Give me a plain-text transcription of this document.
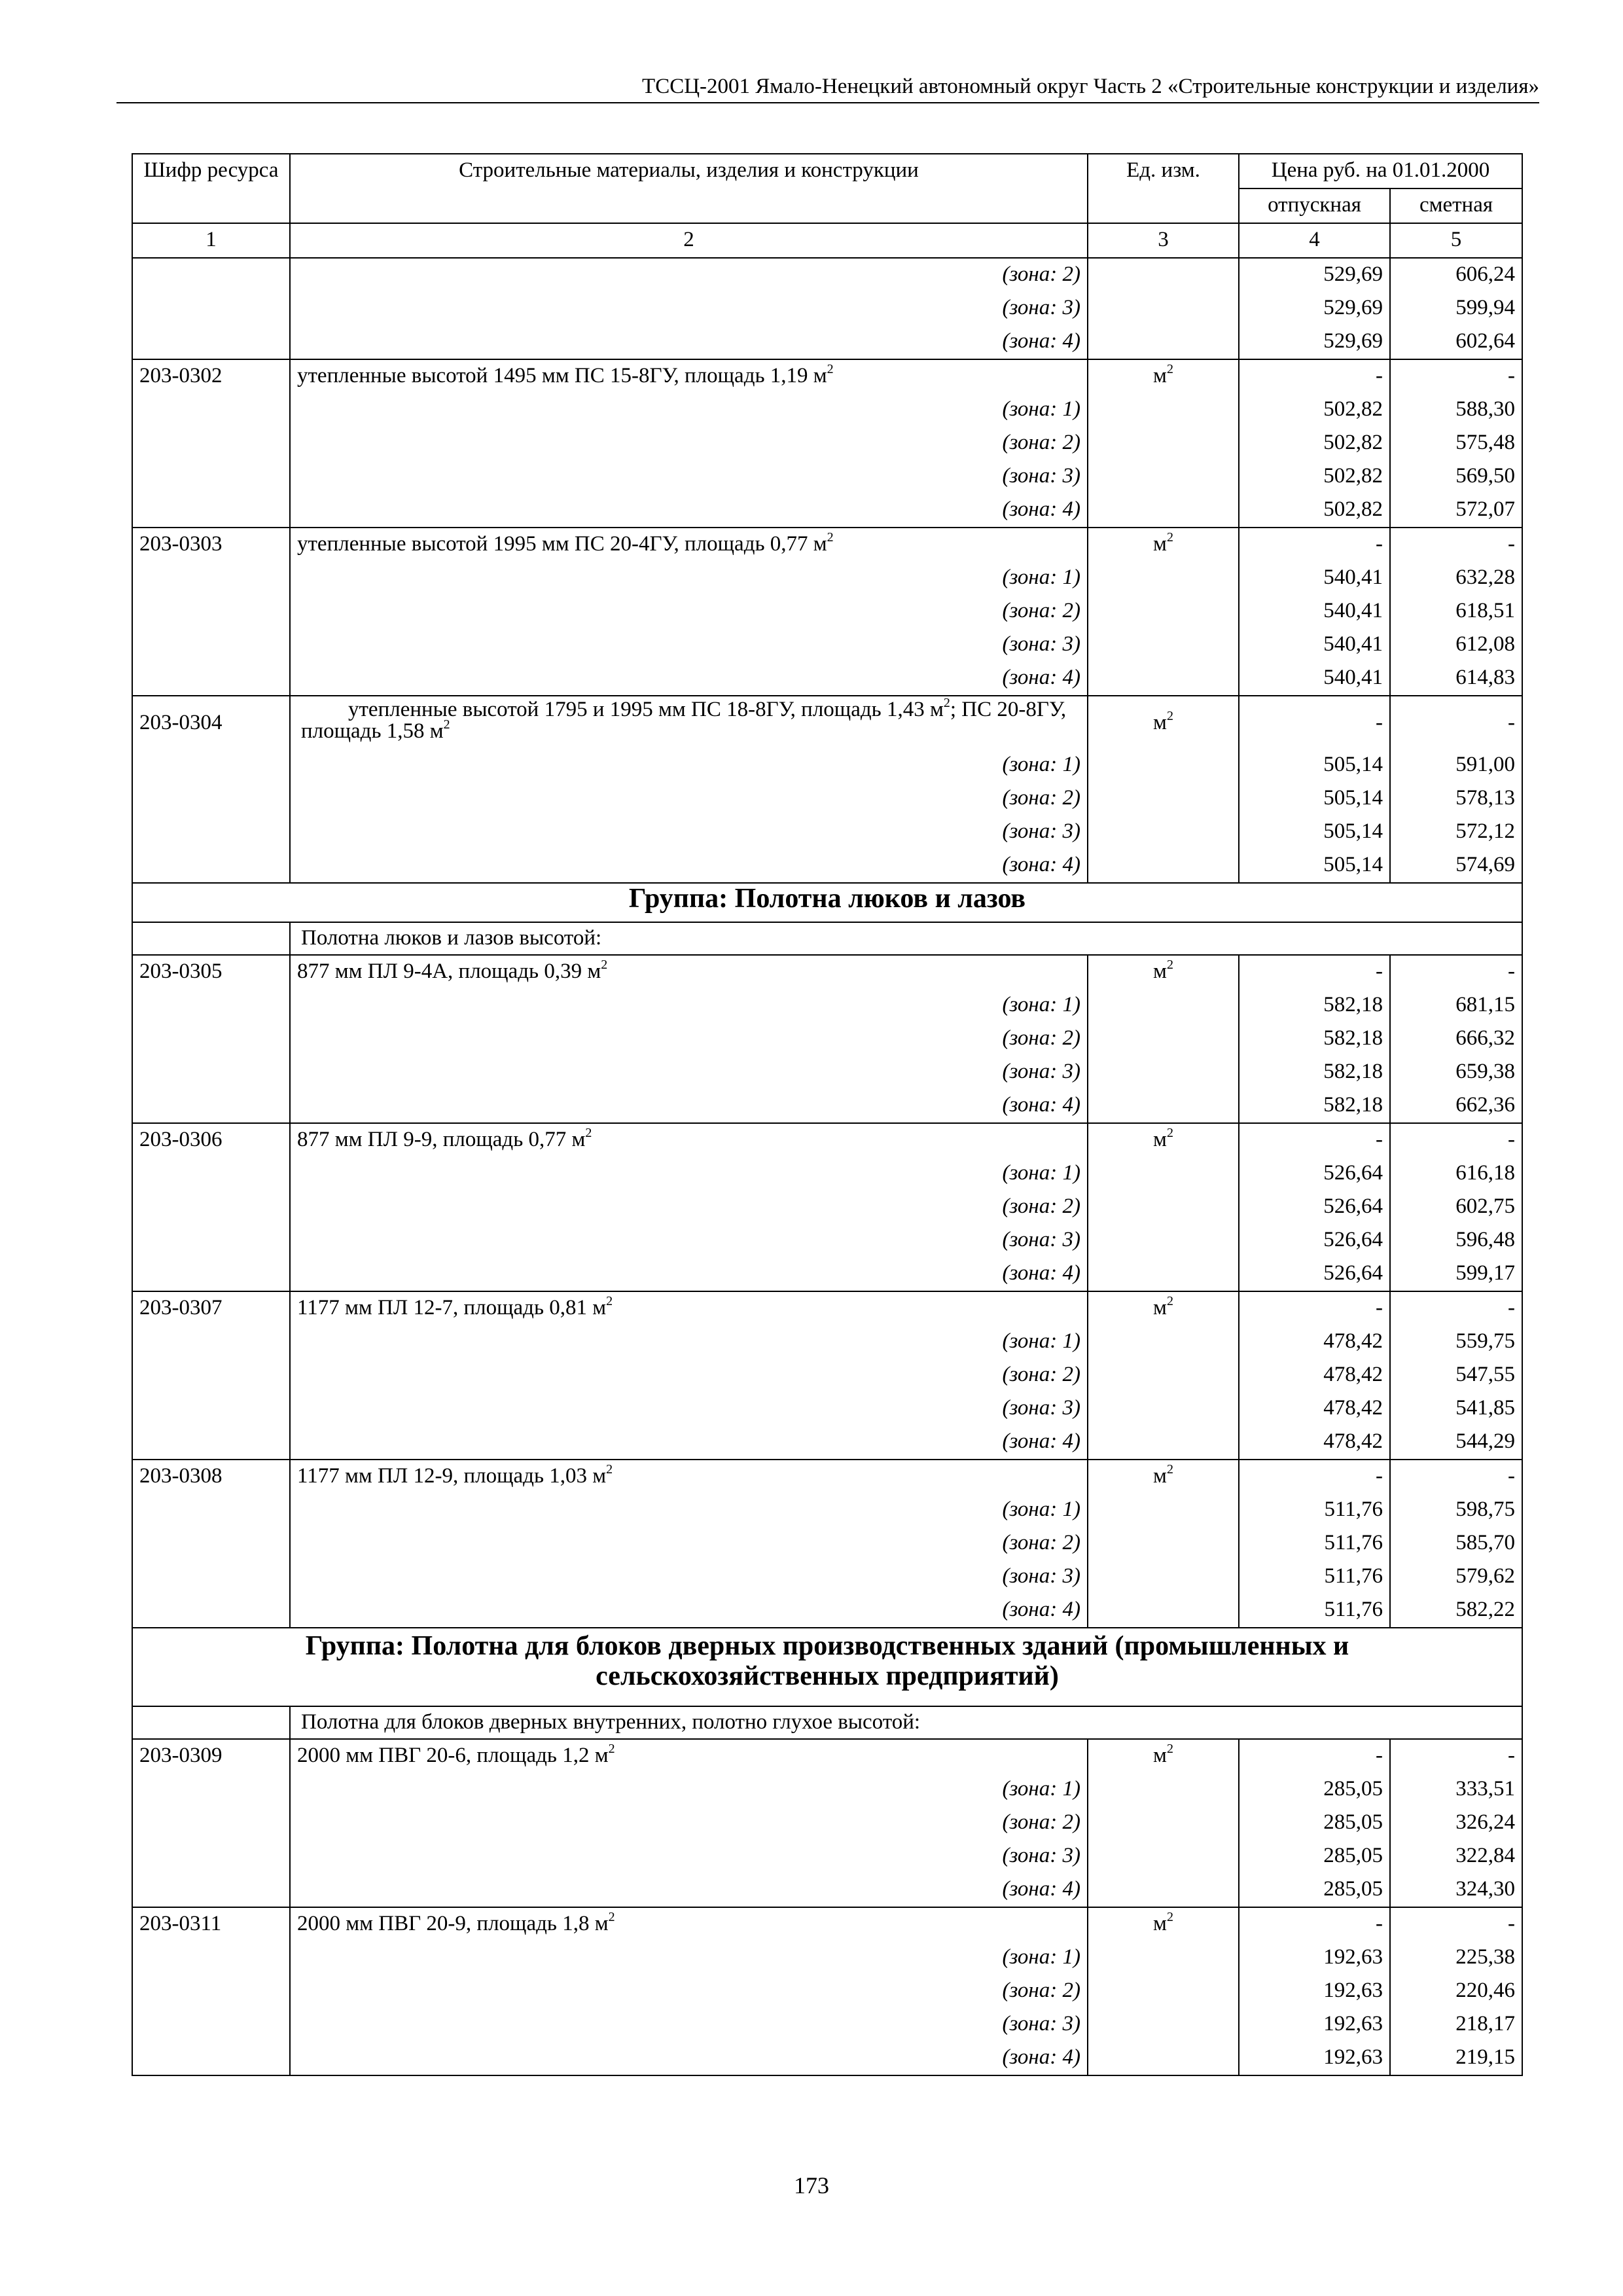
ТССЦ-2001 Ямало-Ненецкий автономный округ Часть 2 «Строительные конструкции и изделия»
Шифр ресурса	Строительные материалы, изделия и конструкции	Ед. изм.	Цена руб. на 01.01.2000	
			отпускная	сметная
1	2	3	4	5
	(зона: 2)		529,69	606,24
	(зона: 3)		529,69	599,94
	(зона: 4)		529,69	602,64
203-0302	утепленные высотой 1495 мм ПС 15-8ГУ, площадь 1,19 $м^2$	$м^2$	-	-
	(зона: 1)		502,82	588,30
	(зона: 2)		502,82	575,48
	(зона: 3)		502,82	569,50
	(зона: 4)		502,82	572,07
203-0303	утепленные высотой 1995 мм ПС 20-4ГУ, площадь 0,77 $м^2$	$м^2$	-	-
	(зона: 1)		540,41	632,28
	(зона: 2)		540,41	618,51
	(зона: 3)		540,41	612,08
	(зона: 4)		540,41	614,83
203-0304	утепленные высотой 1795 и 1995 мм ПС 18-8ГУ, площадь 1,43 $м^2$; ПС 20-8ГУ, площадь 1,58 $м^2$	$м^2$	-	-
	(зона: 1)		505,14	591,00
	(зона: 2)		505,14	578,13
	(зона: 3)		505,14	572,12
	(зона: 4)		505,14	574,69
Группа: Полотна люков и лазов				
	Полотна люков и лазов высотой:			
203-0305	877 мм ПЛ 9-4А, площадь 0,39 $м^2$	$м^2$	-	-
	(зона: 1)		582,18	681,15
	(зона: 2)		582,18	666,32
	(зона: 3)		582,18	659,38
	(зона: 4)		582,18	662,36
203-0306	877 мм ПЛ 9-9, площадь 0,77 $м^2$	$м^2$	-	-
	(зона: 1)		526,64	616,18
	(зона: 2)		526,64	602,75
	(зона: 3)		526,64	596,48
	(зона: 4)		526,64	599,17
203-0307	1177 мм ПЛ 12-7, площадь 0,81 $м^2$	$м^2$	-	-
	(зона: 1)		478,42	559,75
	(зона: 2)		478,42	547,55
	(зона: 3)		478,42	541,85
	(зона: 4)		478,42	544,29
203-0308	1177 мм ПЛ 12-9, площадь 1,03 $м^2$	$м^2$	-	-
	(зона: 1)		511,76	598,75
	(зона: 2)		511,76	585,70
	(зона: 3)		511,76	579,62
	(зона: 4)		511,76	582,22
Группа: Полотна для блоков дверных производственных зданий (промышленных и сельскохозяйственных предприятий)				
	Полотна для блоков дверных внутренних, полотно глухое высотой:			
203-0309	2000 мм ПВГ 20-6, площадь 1,2 $м^2$	$м^2$	-	-
	(зона: 1)		285,05	333,51
	(зона: 2)		285,05	326,24
	(зона: 3)		285,05	322,84
	(зона: 4)		285,05	324,30
203-0311	2000 мм ПВГ 20-9, площадь 1,8 $м^2$	$м^2$	-	-
	(зона: 1)		192,63	225,38
	(зона: 2)		192,63	220,46
	(зона: 3)		192,63	218,17
	(зона: 4)		192,63	219,15
173
